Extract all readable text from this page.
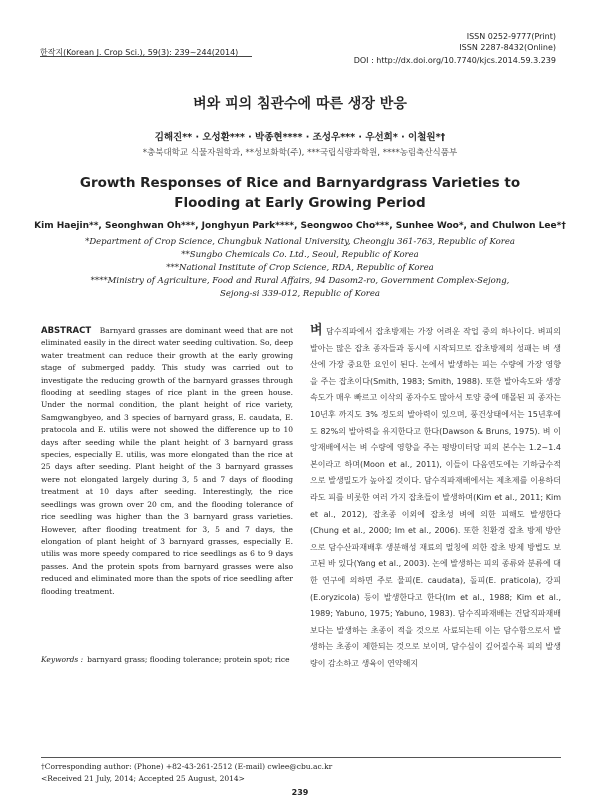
한작지(Korean J. Crop Sci.), 59(3): 239~244(2014)
ISSN 0252-9777(Print)
ISSN 2287-8432(Online)
DOI : http://dx.doi.org/10.7740/kjcs.2014.59.3.239
벼와 피의 침관수에 따른 생장 반응
김해진** · 오성환*** · 박종현**** · 조성우*** · 우선희* · 이철원*†
*충북대학교 식물자원학과, **성보화학(주), ***국립식량과학원, ****농림축산식품부
Growth Responses of Rice and Barnyardgrass Varieties to
Flooding at Early Growing Period
Kim Haejin**, Seonghwan Oh***, Jonghyun Park****, Seongwoo Cho***, Sunhee Woo*, and Chulwon Lee*†
*Department of Crop Science, Chungbuk National University, Cheongju 361-763, Republic of Korea
**Sungbo Chemicals Co. Ltd., Seoul, Republic of Korea
***National Institute of Crop Science, RDA, Republic of Korea
****Ministry of Agriculture, Food and Rural Affairs, 94 Dasom2-ro, Government Complex-Sejong,
Sejong-si 339-012, Republic of Korea
ABSTRACT Barnyard grasses are dominant weed that are not eliminated easily in the direct water seeding cultivation. So, deep water treatment can reduce their growth at the early growing stage of submerged paddy. This study was carried out to investigate the reducing growth of the barnyard grasses through flooding at seedling stages of rice plant in the green house. Under the normal condition, the plant height of rice variety, Samgwangbyeo, and 3 species of barnyard grass, E. caudata, E. pratocola and E. utilis were not showed the difference up to 10 days after seeding while the plant height of 3 barnyard grass species, especially E. utilis, was more elongated than the rice at 25 days after seeding. Plant height of the 3 barnyard grasses were not elongated largely during 3, 5 and 7 days of flooding treatment at 10 days after seeding. Interestingly, the rice seedlings was grown over 20 cm, and the flooding tolerance of rice seedling was higher than the 3 barnyard grass varieties. However, after flooding treatment for 3, 5 and 7 days, the elongation of plant height of 3 barnyard grasses, especially E. utilis was more speedy compared to rice seedlings as 6 to 9 days passes. And the protein spots from barnyard grasses were also reduced and eliminated more than the spots of rice seedling after flooding treatment.
Keywords : barnyard grass; flooding tolerance; protein spot; rice
벼 담수직파에서 잡초방제는 가장 어려운 작업 중의 하나이다. 벼피의 발아는 많은 잡초 종자들과 동시에 시작되므로 잡초방제의 성패는 벼 생산에 가장 중요한 요인이 된다. 논에서 발생하는 피는 수량에 가장 영향을 주는 잡초이다(Smith, 1983; Smith, 1988). 또한 발아속도와 생장 속도가 매우 빠르고 이삭의 종자수도 많아서 토양 중에 매몰된 피 종자는 10년후 까지도 3% 정도의 발아력이 있으며, 풍건상태에서는 15년후에도 82%의 발아력을 유지한다고 한다(Dawson & Bruns, 1975). 벼 이앙재배에서는 벼 수량에 영향을 주는 평방미터당 피의 본수는 1.2~1.4본이라고 하며(Moon et al., 2011), 이들이 다음연도에는 기하급수적으로 발생밀도가 높아질 것이다. 담수직파재배에서는 제초제를 이용하더라도 피를 비롯한 여러 가지 잡초들이 발생하며(Kim et al., 2011; Kim et al., 2012), 잡초종 이외에 잡초성 벼에 의한 피해도 발생한다(Chung et al., 2000; Im et al., 2006). 또한 친환경 잡초 방제 방안으로 담수산파재배후 생분해성 재료의 멀칭에 의한 잡초 방제 방법도 보고된 바 있다(Yang et al., 2003). 논에 발생하는 피의 종류와 분류에 대한 연구에 의하면 주로 물피(E. caudata), 돌피(E. praticola), 강피(E.oryzicola) 등이 발생한다고 한다(Im et al., 1988; Kim et al., 1989; Yabuno, 1975; Yabuno, 1983). 담수직파재배는 건답직파재배보다는 발생하는 초종이 적을 것으로 사료되는데 이는 담수함으로서 발생하는 초종이 제한되는 것으로 보이며, 담수심이 깊어질수록 피의 발생량이 감소하고 생육이 연약해지
†Corresponding author: (Phone) +82-43-261-2512 (E-mail) cwlee@cbu.ac.kr
<Received 21 July, 2014; Accepted 25 August, 2014>
239
